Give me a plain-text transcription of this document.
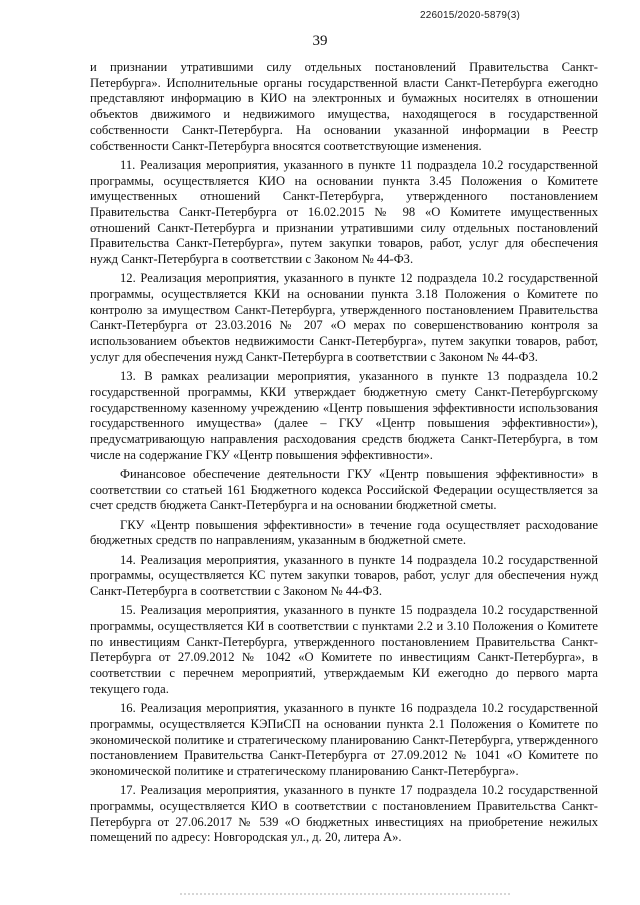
226015/2020-5879(3)
39

и признании утратившими силу отдельных постановлений Правительства Санкт-Петербурга». Исполнительные органы государственной власти Санкт-Петербурга ежегодно представляют информацию в КИО на электронных и бумажных носителях в отношении объектов движимого и недвижимого имущества, находящегося в государственной собственности Санкт-Петербурга. На основании указанной информации в Реестр собственности Санкт-Петербурга вносятся соответствующие изменения.

11. Реализация мероприятия, указанного в пункте 11 подраздела 10.2 государственной программы, осуществляется КИО на основании пункта 3.45 Положения о Комитете имущественных отношений Санкт-Петербурга, утвержденного постановлением Правительства Санкт-Петербурга от 16.02.2015 № 98 «О Комитете имущественных отношений Санкт-Петербурга и признании утратившими силу отдельных постановлений Правительства Санкт-Петербурга», путем закупки товаров, работ, услуг для обеспечения нужд Санкт-Петербурга в соответствии с Законом № 44-ФЗ.

12. Реализация мероприятия, указанного в пункте 12 подраздела 10.2 государственной программы, осуществляется ККИ на основании пункта 3.18 Положения о Комитете по контролю за имуществом Санкт-Петербурга, утвержденного постановлением Правительства Санкт-Петербурга от 23.03.2016 № 207 «О мерах по совершенствованию контроля за использованием объектов недвижимости Санкт-Петербурга», путем закупки товаров, работ, услуг для обеспечения нужд Санкт-Петербурга в соответствии с Законом № 44-ФЗ.

13. В рамках реализации мероприятия, указанного в пункте 13 подраздела 10.2 государственной программы, ККИ утверждает бюджетную смету Санкт-Петербургскому государственному казенному учреждению «Центр повышения эффективности использования государственного имущества» (далее – ГКУ «Центр повышения эффективности»), предусматривающую направления расходования средств бюджета Санкт-Петербурга, в том числе на содержание ГКУ «Центр повышения эффективности».

Финансовое обеспечение деятельности ГКУ «Центр повышения эффективности» в соответствии со статьей 161 Бюджетного кодекса Российской Федерации осуществляется за счет средств бюджета Санкт-Петербурга и на основании бюджетной сметы.

ГКУ «Центр повышения эффективности» в течение года осуществляет расходование бюджетных средств по направлениям, указанным в бюджетной смете.

14. Реализация мероприятия, указанного в пункте 14 подраздела 10.2 государственной программы, осуществляется КС путем закупки товаров, работ, услуг для обеспечения нужд Санкт-Петербурга в соответствии с Законом № 44-ФЗ.

15. Реализация мероприятия, указанного в пункте 15 подраздела 10.2 государственной программы, осуществляется КИ в соответствии с пунктами 2.2 и 3.10 Положения о Комитете по инвестициям Санкт-Петербурга, утвержденного постановлением Правительства Санкт-Петербурга от 27.09.2012 № 1042 «О Комитете по инвестициям Санкт-Петербурга», в соответствии с перечнем мероприятий, утверждаемым КИ ежегодно до первого марта текущего года.

16. Реализация мероприятия, указанного в пункте 16 подраздела 10.2 государственной программы, осуществляется КЭПиСП на основании пункта 2.1 Положения о Комитете по экономической политике и стратегическому планированию Санкт-Петербурга, утвержденного постановлением Правительства Санкт-Петербурга от 27.09.2012 № 1041 «О Комитете по экономической политике и стратегическому планированию Санкт-Петербурга».

17. Реализация мероприятия, указанного в пункте 17 подраздела 10.2 государственной программы, осуществляется КИО в соответствии с постановлением Правительства Санкт-Петербурга от 27.06.2017 № 539 «О бюджетных инвестициях на приобретение нежилых помещений по адресу: Новгородская ул., д. 20, литера А».
